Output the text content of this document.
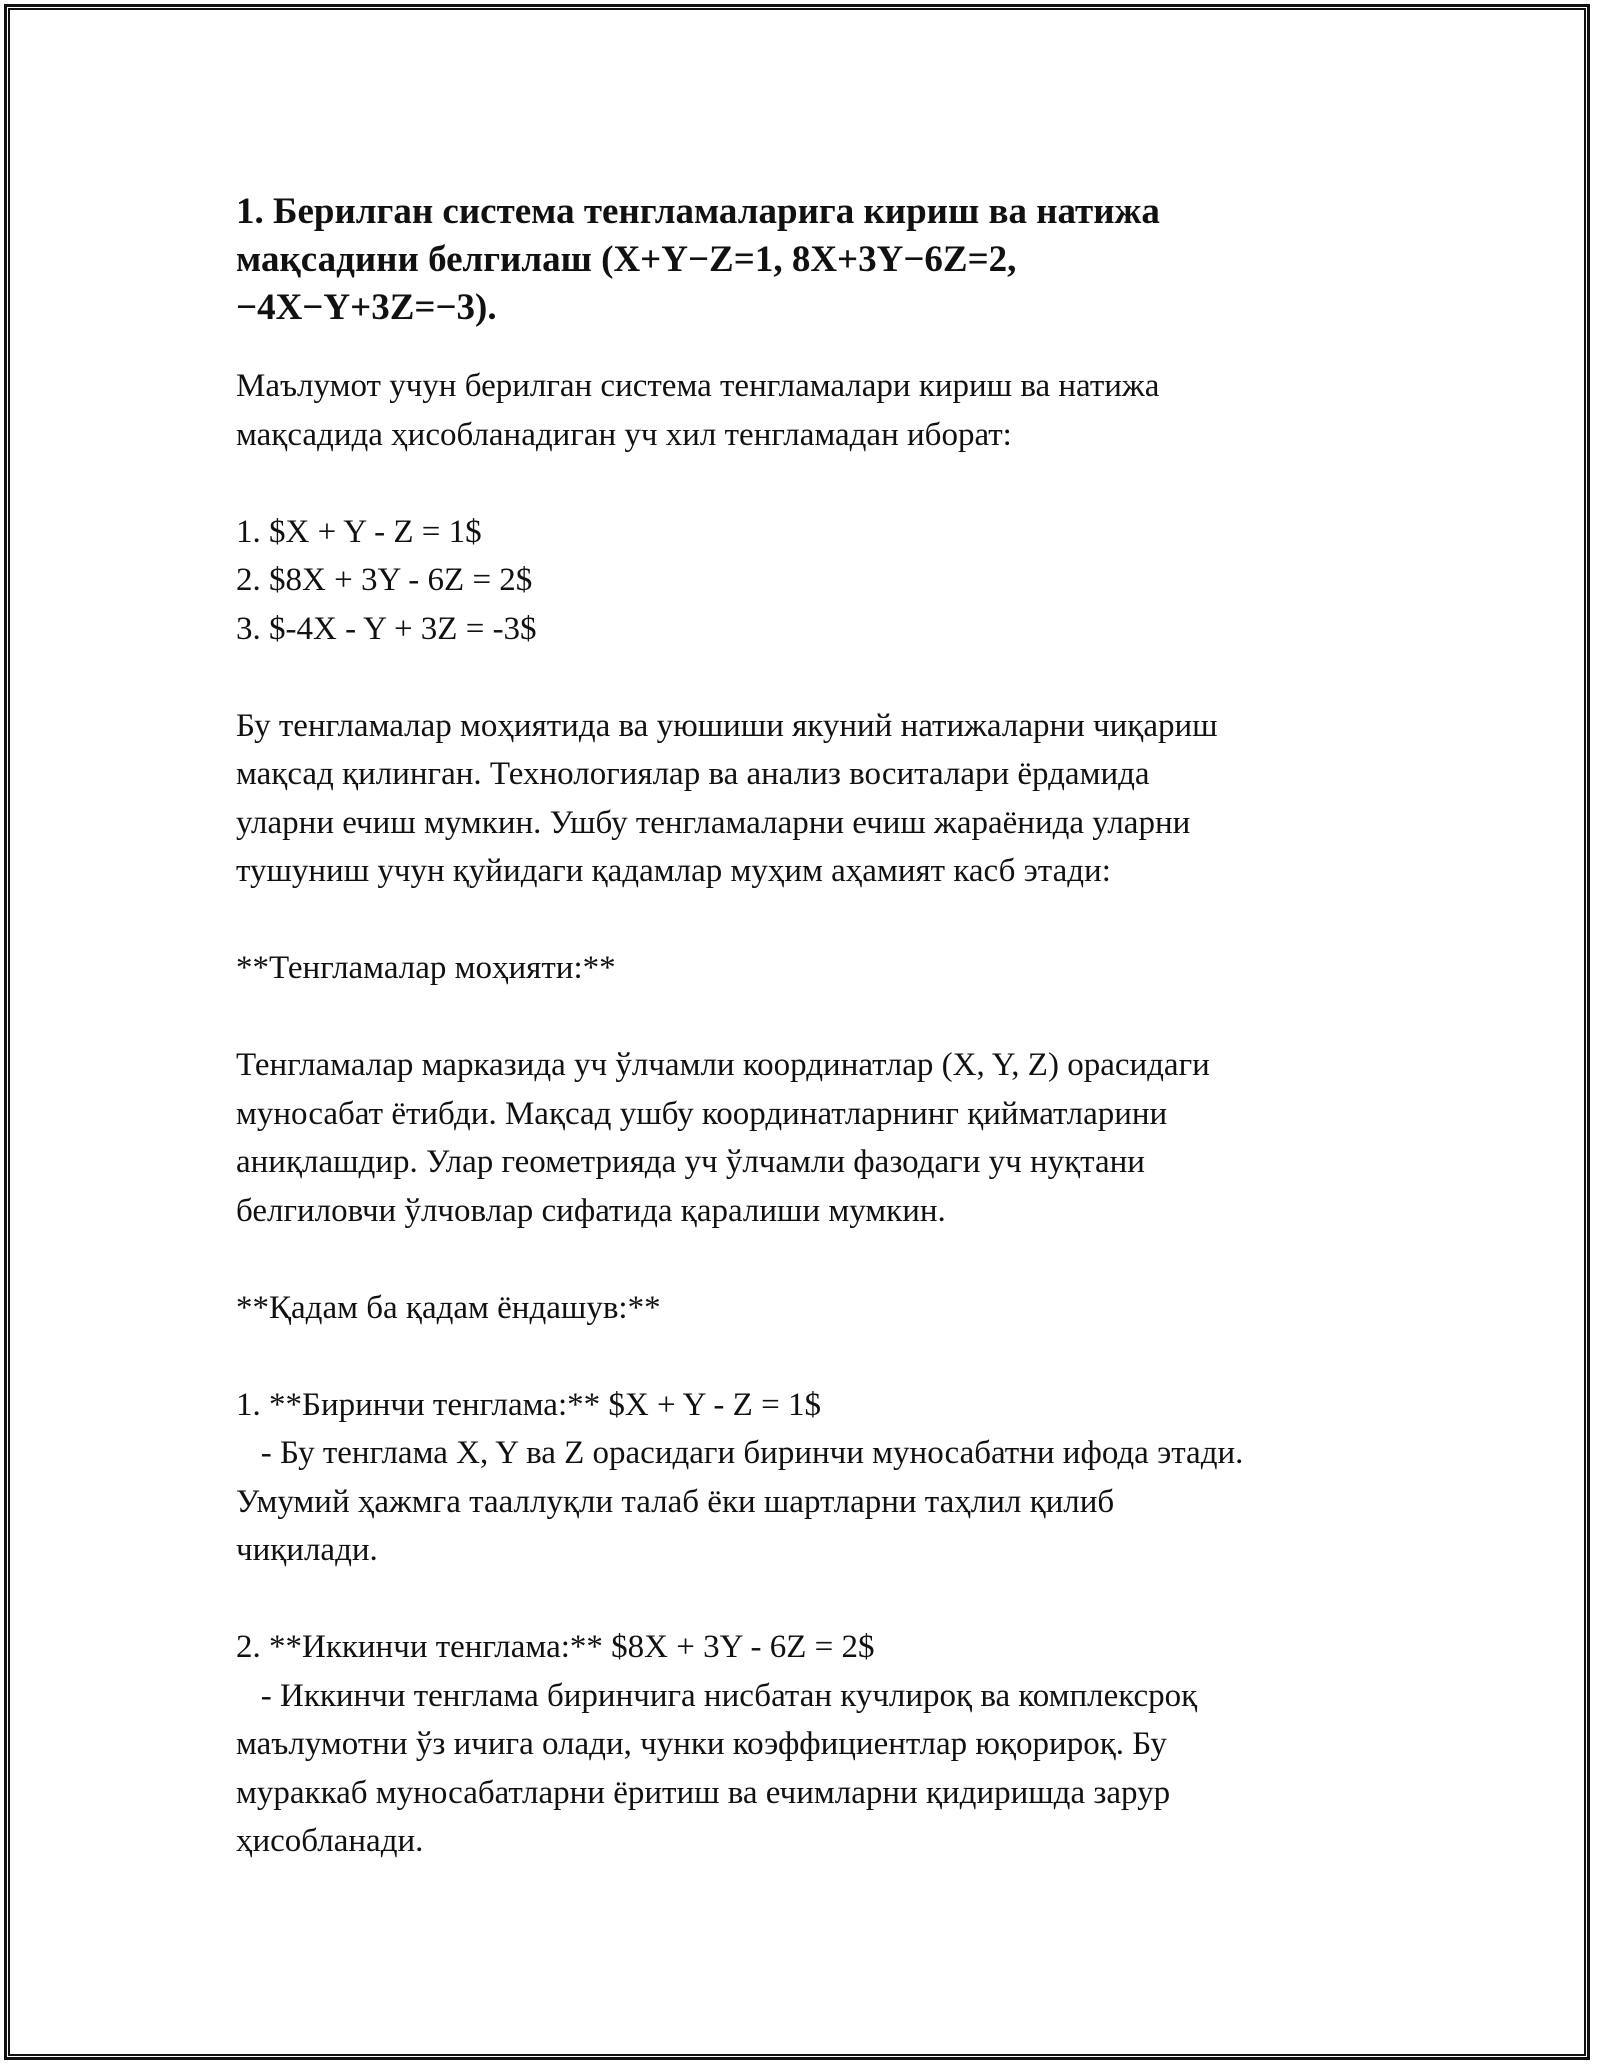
1. Берилган система тенгламаларига кириш ва натижа
мақсадини белгилаш (X+Y−Z=1, 8X+3Y−6Z=2,
−4X−Y+3Z=−3).

Маълумот учун берилган система тенгламалари кириш ва натижа
мақсадида ҳисобланадиган уч хил тенгламадан иборат:

1. $X + Y - Z = 1$
2. $8X + 3Y - 6Z = 2$
3. $-4X - Y + 3Z = -3$

Бу тенгламалар моҳиятида ва уюшиши якуний натижаларни чиқариш
мақсад қилинган. Технологиялар ва анализ воситалари ёрдамида
уларни ечиш мумкин. Ушбу тенгламаларни ечиш жараёнида уларни
тушуниш учун қуйидаги қадамлар муҳим аҳамият касб этади:

**Тенгламалар моҳияти:**

Тенгламалар марказида уч ўлчамли координатлар (X, Y, Z) орасидаги
муносабат ётибди. Мақсад ушбу координатларнинг қийматларини
аниқлашдир. Улар геометрияда уч ўлчамли фазодаги уч нуқтани
белгиловчи ўлчовлар сифатида қаралиши мумкин.

**Қадам ба қадам ёндашув:**

1. **Биринчи тенглама:** $X + Y - Z = 1$
- Бу тенглама X, Y ва Z орасидаги биринчи муносабатни ифода этади.
Умумий ҳажмга тааллуқли талаб ёки шартларни таҳлил қилиб
чиқилади.

2. **Иккинчи тенглама:** $8X + 3Y - 6Z = 2$
- Иккинчи тенглама биринчига нисбатан кучлироқ ва комплексроқ
маълумотни ўз ичига олади, чунки коэффициентлар юқорироқ. Бу
мураккаб муносабатларни ёритиш ва ечимларни қидиришда зарур
ҳисобланади.
